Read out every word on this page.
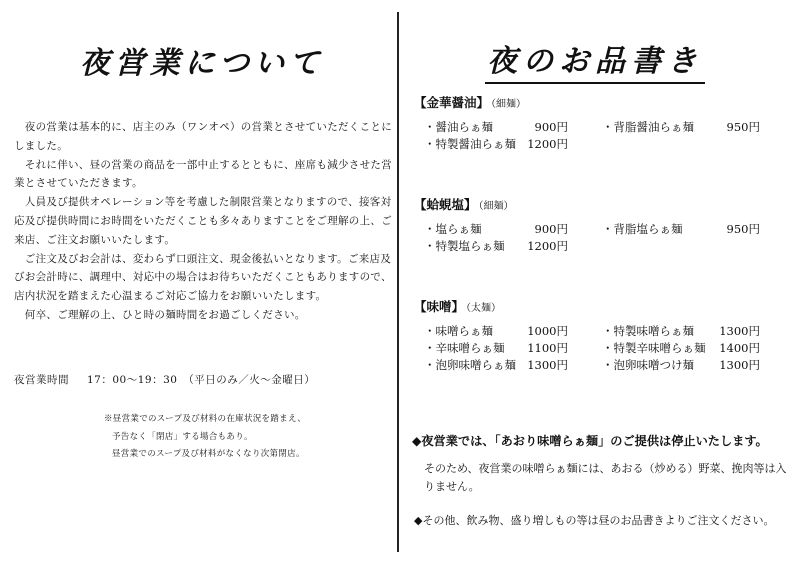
夜営業について

　夜の営業は基本的に、店主のみ（ワンオペ）の営業とさせていただくことにしました。

　それに伴い、昼の営業の商品を一部中止するとともに、座席も減少させた営業とさせていただきます。

　人員及び提供オペレーション等を考慮した制限営業となりますので、接客対応及び提供時間にお時間をいただくことも多々ありますことをご理解の上、ご来店、ご注文お願いいたします。

　ご注文及びお会計は、変わらず口頭注文、現金後払いとなります。ご来店及びお会計時に、調理中、対応中の場合はお待ちいただくこともありますので、店内状況を踏まえた心温まるご対応ご協力をお願いいたします。

　何卒、ご理解の上、ひと時の麺時間をお過ごしください。

夜営業時間 17：00～19：30　（平日のみ／火～金曜日）
※昼営業でのスープ及び材料の在庫状況を踏まえ、
予告なく「閉店」する場合もあり。
昼営業でのスープ及び材料がなくなり次第閉店。
夜のお品書き
【金華醤油】 （細麺）
・醤油らぁ麺	900円	・背脂醤油らぁ麺	950円
・特製醤油らぁ麺 1200円
【蛤蜆塩】 （細麺）
・塩らぁ麺	900円	・背脂塩らぁ麺	950円
・特製塩らぁ麺	1200円
【味噌】 （太麺）
・味噌らぁ麺	1000円	・特製味噌らぁ麺	1300円
・辛味噌らぁ麺	1100円	・特製辛味噌らぁ麺	1400円
・泡卵味噌らぁ麺 1300円	・泡卵味噌つけ麺	1300円
◆夜営業では、「あおり味噌らぁ麺」のご提供は停止いたします。
そのため、夜営業の味噌らぁ麺には、あおる（炒める）野菜、挽肉等は入りません。
◆その他、飲み物、盛り増しもの等は昼のお品書きよりご注文ください。
